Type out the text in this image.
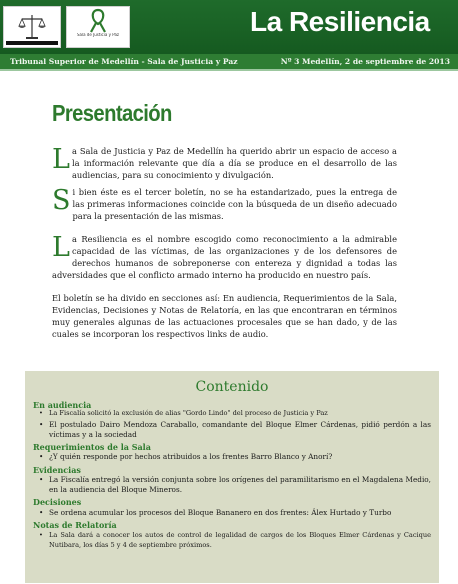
Sala de Justicia y Paz	La Resiliencia
Tribunal Superior de Medellín - Sala de Justicia y Paz	Nº 3 Medellín, 2 de septiembre de 2013
Presentación

La Sala de Justicia y Paz de Medellín ha querido abrir un espacio de acceso a la información relevante que día a día se produce en el desarrollo de las audiencias, para su conocimiento y divulgación.

Si bien éste es el tercer boletín, no se ha estandarizado, pues la entrega de las primeras informaciones coincide con la búsqueda de un diseño adecuado para la presentación de las mismas.

La Resiliencia es el nombre escogido como reconocimiento a la admirable capacidad de las víctimas, de las organizaciones y de los defensores de derechos humanos de sobreponerse con entereza y dignidad a todas las adversidades que el conflicto armado interno ha producido en nuestro país.

El boletín se ha divido en secciones así: En audiencia, Requerimientos de la Sala, Evidencias, Decisiones y Notas de Relatoría, en las que encontraran en términos muy generales algunas de las actuaciones procesales que se han dado, y de las cuales se incorporan los respectivos links de audio.

Contenido
En audiencia
• La Fiscalía solicitó la exclusión de alias "Gordo Lindo" del proceso de Justicia y Paz
• El postulado Dairo Mendoza Caraballo, comandante del Bloque Elmer Cárdenas, pidió perdón a las víctimas y a la sociedad
Requerimientos de la Sala
• ¿Y quién responde por hechos atribuidos a los frentes Barro Blanco y Anorí?
Evidencias
• La Fiscalía entregó la versión conjunta sobre los orígenes del paramilitarismo en el Magdalena Medio, en la audiencia del Bloque Mineros.
Decisiones
• Se ordena acumular los procesos del Bloque Bananero en dos frentes: Álex Hurtado y Turbo
Notas de Relatoría
• La Sala dará a conocer los autos de control de legalidad de cargos de los Bloques Elmer Cárdenas y Cacique Nutibara, los días 5 y 4 de septiembre próximos.
